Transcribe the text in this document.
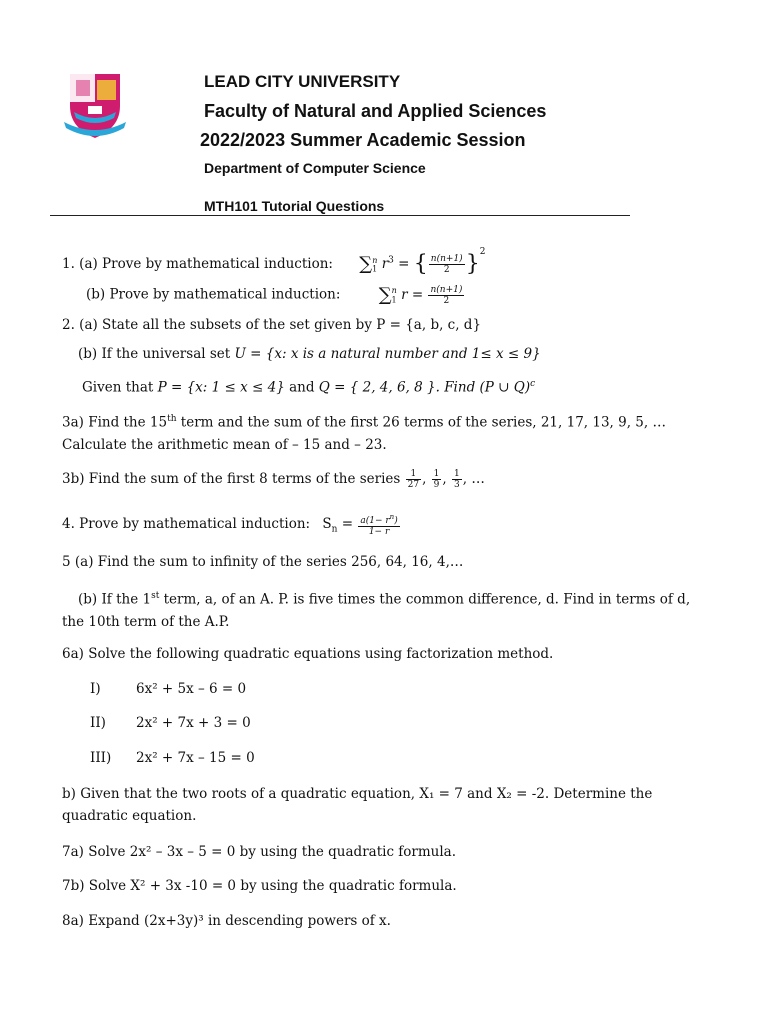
LEAD CITY UNIVERSITY
Faculty of Natural and Applied Sciences
2022/2023 Summer Academic Session
Department of Computer Science
MTH101 Tutorial Questions
1. (a) Prove by mathematical induction: $\sum_1^n$ $r^3$ = { $\frac{n(n+1)}{2} \}^2$
(b) Prove by mathematical induction: $\sum_1^n$ $r = \frac{n(n+1)}{2}$
2. (a) State all the subsets of the set given by P = {a, b, c, d}
(b) If the universal set U = {x: x is a natural number and 1≤ x ≤ 9}
Given that P = {x: 1 ≤ x ≤ 4} and Q = { 2, 4, 6, 8 }. Find (P ∪ Q)$^c$
3a) Find the 15th term and the sum of the first 26 terms of the series, 21, 17, 13, 9, 5, … Calculate the arithmetic mean of – 15 and – 23.
3b) Find the sum of the first 8 terms of the series $\frac{1}{27}$ , $\frac{1}{9}$ , $\frac{1}{3}$ , …
4. Prove by mathematical induction: $S_n = \frac{a(1- r^n)}{1- r}$
5 (a) Find the sum to infinity of the series 256, 64, 16, 4,…
(b) If the 1st term, a, of an A. P. is five times the common difference, d. Find in terms of d, the 10th term of the A.P.
6a) Solve the following quadratic equations using factorization method.
I)	6x² + 5x – 6 = 0
II) 2x² + 7x + 3 = 0
III) 2x² + 7x – 15 = 0
b) Given that the two roots of a quadratic equation, X₁ = 7 and X₂ = -2. Determine the quadratic equation.
7a) Solve 2x² – 3x – 5 = 0 by using the quadratic formula.
7b) Solve X² + 3x -10 = 0 by using the quadratic formula.
8a) Expand (2x+3y)³ in descending powers of x.
